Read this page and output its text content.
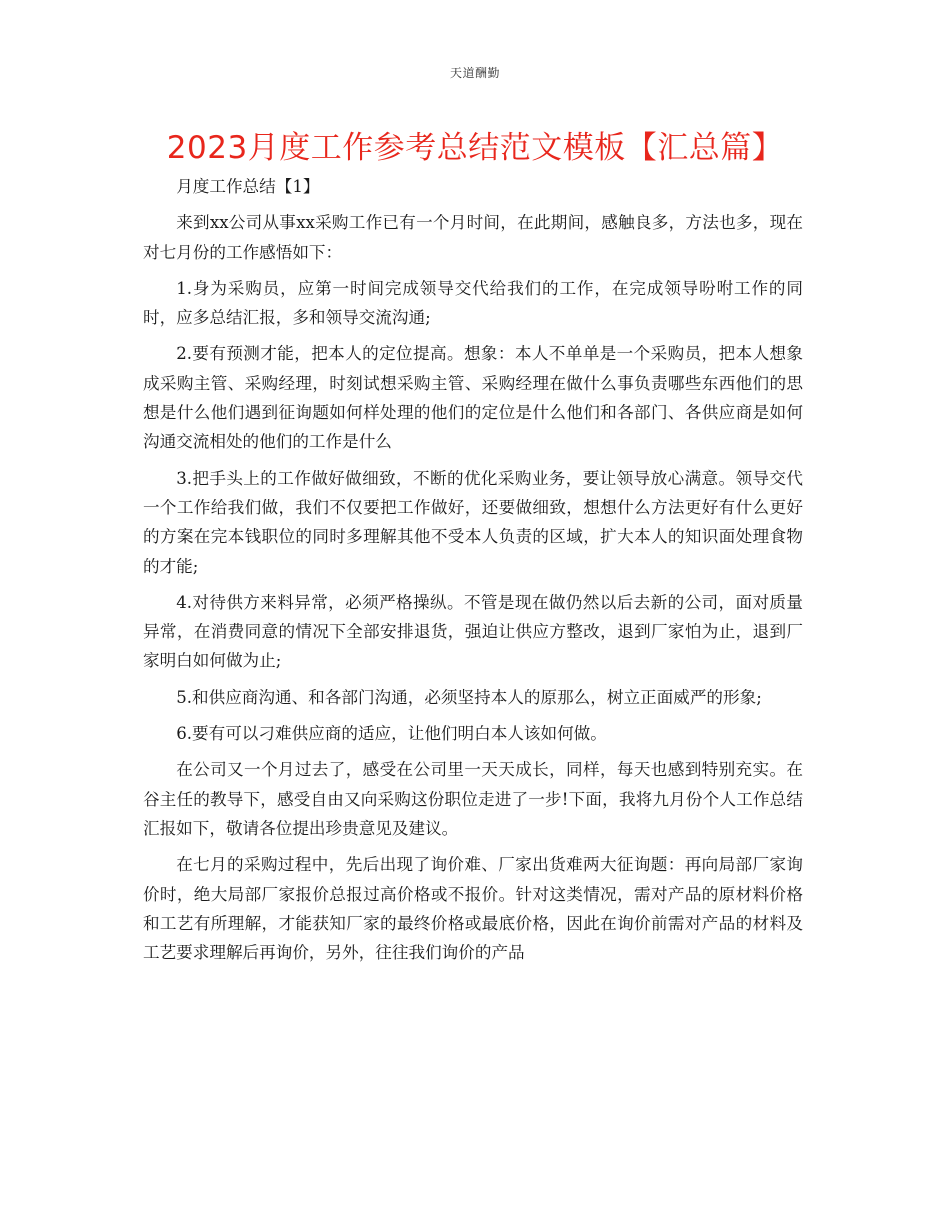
天道酬勤
2023月度工作参考总结范文模板【汇总篇】

月度工作总结【1】

来到xx公司从事xx采购工作已有一个月时间，在此期间，感触良多，方法也多，现在对七月份的工作感悟如下：

1.身为采购员，应第一时间完成领导交代给我们的工作，在完成领导吩咐工作的同时，应多总结汇报，多和领导交流沟通;

2.要有预测才能，把本人的定位提高。想象：本人不单单是一个采购员，把本人想象成采购主管、采购经理，时刻试想采购主管、采购经理在做什么事负责哪些东西他们的思想是什么他们遇到征询题如何样处理的他们的定位是什么他们和各部门、各供应商是如何沟通交流相处的他们的工作是什么

3.把手头上的工作做好做细致，不断的优化采购业务，要让领导放心满意。领导交代一个工作给我们做，我们不仅要把工作做好，还要做细致，想想什么方法更好有什么更好的方案在完本钱职位的同时多理解其他不受本人负责的区域，扩大本人的知识面处理食物的才能;

4.对待供方来料异常，必须严格操纵。不管是现在做仍然以后去新的公司，面对质量异常，在消费同意的情况下全部安排退货，强迫让供应方整改，退到厂家怕为止，退到厂家明白如何做为止;

5.和供应商沟通、和各部门沟通，必须坚持本人的原那么，树立正面威严的形象;

6.要有可以刁难供应商的适应，让他们明白本人该如何做。

在公司又一个月过去了，感受在公司里一天天成长，同样，每天也感到特别充实。在谷主任的教导下，感受自由又向采购这份职位走进了一步!下面，我将九月份个人工作总结汇报如下，敬请各位提出珍贵意见及建议。

在七月的采购过程中，先后出现了询价难、厂家出货难两大征询题：再向局部厂家询价时，绝大局部厂家报价总报过高价格或不报价。针对这类情况，需对产品的原材料价格和工艺有所理解，才能获知厂家的最终价格或最底价格，因此在询价前需对产品的材料及工艺要求理解后再询价，另外，往往我们询价的产品
